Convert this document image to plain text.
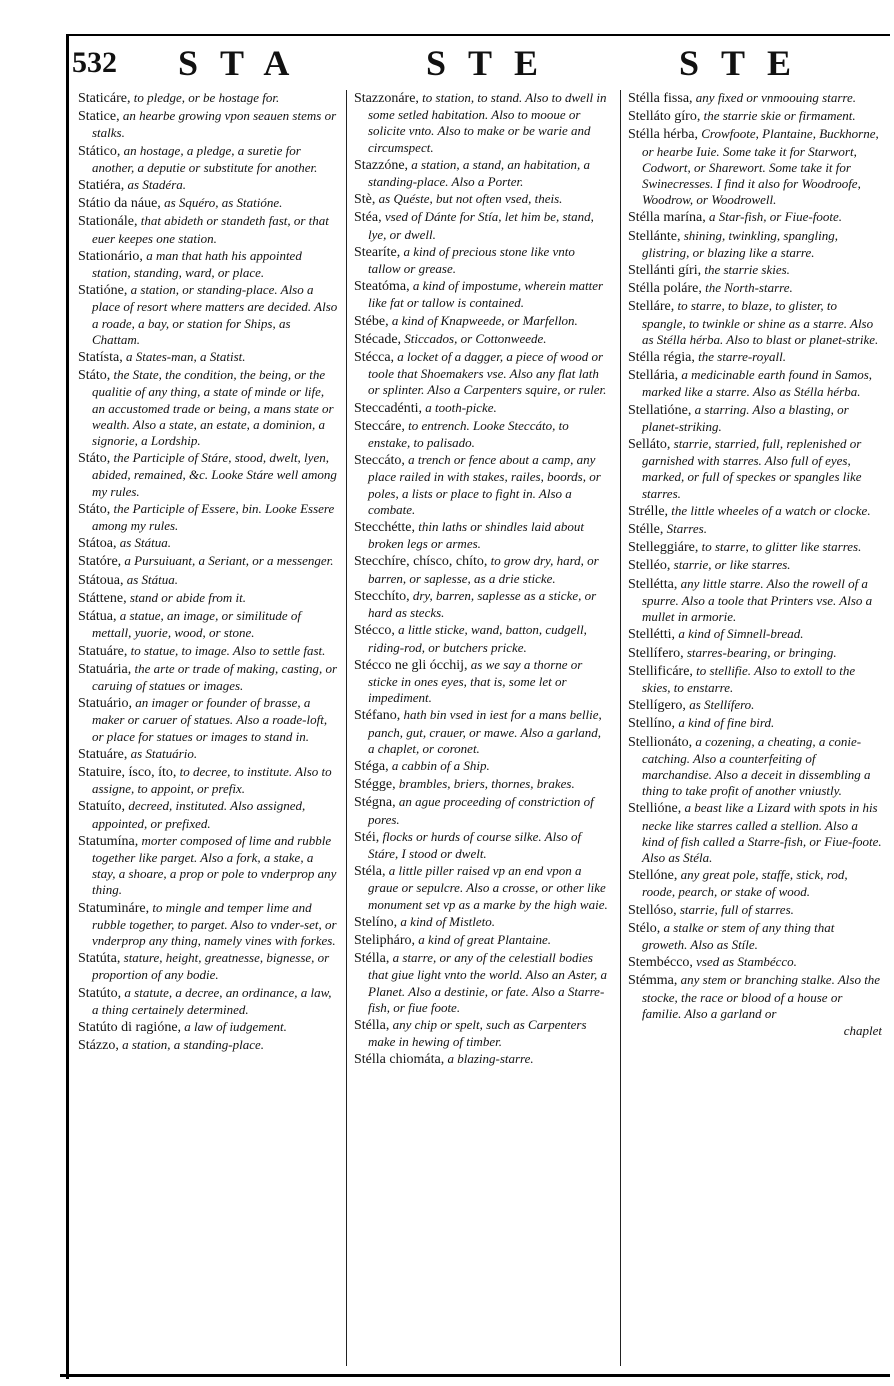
532 STA	STE	STE

Staticáre, to pledge, or be hostage for.

Statice, an hearbe growing vpon seauen stems or stalks.

Stático, an hostage, a pledge, a suretie for another, a deputie or substitute for another.

Statiéra, as Stadéra.

Státio da náue, as Squéro, as Statióne.

Stationále, that abideth or standeth fast, or that euer keepes one station.

Stationário, a man that hath his appointed station, standing, ward, or place.

Statióne, a station, or standing-place. Also a place of resort where matters are decided. Also a roade, a bay, or station for Ships, as Chattam.

Statísta, a States-man, a Statist.

Státo, the State, the condition, the being, or the qualitie of any thing, a state of minde or life, an accustomed trade or being, a mans state or wealth. Also a state, an estate, a dominion, a signorie, a Lordship.

Státo, the Participle of Stáre, stood, dwelt, lyen, abided, remained, &c. Looke Stáre well among my rules.

Státo, the Participle of Essere, bin. Looke Essere among my rules.

Státoa, as Státua.

Statóre, a Pursuiuant, a Seriant, or a messenger.

Státoua, as Státua.

Státtene, stand or abide from it.

Státua, a statue, an image, or similitude of mettall, yuorie, wood, or stone.

Statuáre, to statue, to image. Also to settle fast.

Statuária, the arte or trade of making, casting, or caruing of statues or images.

Statuário, an imager or founder of brasse, a maker or caruer of statues. Also a roade-loft, or place for statues or images to stand in.

Statuáre, as Statuário.

Statuire, ísco, íto, to decree, to institute. Also to assigne, to appoint, or prefix.

Statuíto, decreed, instituted. Also assigned, appointed, or prefixed.

Statumína, morter composed of lime and rubble together like parget. Also a fork, a stake, a stay, a shoare, a prop or pole to vnderprop any thing.

Statumináre, to mingle and temper lime and rubble together, to parget. Also to vnder-set, or vnderprop any thing, namely vines with forkes.

Statúta, stature, height, greatnesse, bignesse, or proportion of any bodie.

Statúto, a statute, a decree, an ordinance, a law, a thing certainely determined.

Statúto di ragióne, a law of iudgement.

Stázzo, a station, a standing-place.

Stazzonáre, to station, to stand. Also to dwell in some setled habitation. Also to mooue or solicite vnto. Also to make or be warie and circumspect.

Stazzóne, a station, a stand, an habitation, a standing-place. Also a Porter.

Stè, as Quéste, but not often vsed, theis.

Stéa, vsed of Dánte for Stía, let him be, stand, lye, or dwell.

Stearíte, a kind of precious stone like vnto tallow or grease.

Steatóma, a kind of impostume, wherein matter like fat or tallow is contained.

Stébe, a kind of Knapweede, or Marfellon.

Stécade, Sticcados, or Cottonweede.

Stécca, a locket of a dagger, a piece of wood or toole that Shoemakers vse. Also any flat lath or splinter. Also a Carpenters squire, or ruler.

Steccadénti, a tooth-picke.

Steccáre, to entrench. Looke Steccáto, to enstake, to palisado.

Steccáto, a trench or fence about a camp, any place railed in with stakes, railes, boords, or poles, a lists or place to fight in. Also a combate.

Stecchétte, thin laths or shindles laid about broken legs or armes.

Stecchíre, chísco, chíto, to grow dry, hard, or barren, or saplesse, as a drie sticke.

Stecchíto, dry, barren, saplesse as a sticke, or hard as stecks.

Stécco, a little sticke, wand, batton, cudgell, riding-rod, or butchers pricke.

Stécco ne gli ócchij, as we say a thorne or sticke in ones eyes, that is, some let or impediment.

Stéfano, hath bin vsed in iest for a mans bellie, panch, gut, crauer, or mawe. Also a garland, a chaplet, or coronet.

Stéga, a cabbin of a Ship.

Stégge, brambles, briers, thornes, brakes.

Stégna, an ague proceeding of constriction of pores.

Stéi, flocks or hurds of course silke. Also of Stáre, I stood or dwelt.

Stéla, a little piller raised vp an end vpon a graue or sepulcre. Also a crosse, or other like monument set vp as a marke by the high waie.

Stelíno, a kind of Mistleto.

Stelipháro, a kind of great Plantaine.

Stélla, a starre, or any of the celestiall bodies that giue light vnto the world. Also an Aster, a Planet. Also a destinie, or fate. Also a Starre-fish, or fiue foote.

Stélla, any chip or spelt, such as Carpenters make in hewing of timber.

Stélla chiomáta, a blazing-starre.

Stélla fissa, any fixed or vnmoouing starre.

Stelláto gíro, the starrie skie or firmament.

Stélla hérba, Crowfoote, Plantaine, Buckhorne, or hearbe Iuie. Some take it for Starwort, Codwort, or Sharewort. Some take it for Swinecresses. I find it also for Woodroofe, Woodrow, or Woodrowell.

Stélla marína, a Star-fish, or Fiue-foote.

Stellánte, shining, twinkling, spangling, glistring, or blazing like a starre.

Stellánti gíri, the starrie skies.

Stélla poláre, the North-starre.

Stelláre, to starre, to blaze, to glister, to spangle, to twinkle or shine as a starre. Also as Stélla hérba. Also to blast or planet-strike.

Stélla régia, the starre-royall.

Stellária, a medicinable earth found in Samos, marked like a starre. Also as Stélla hérba.

Stellatióne, a starring. Also a blasting, or planet-striking.

Selláto, starrie, starried, full, replenished or garnished with starres. Also full of eyes, marked, or full of speckes or spangles like starres.

Strélle, the little wheeles of a watch or clocke.

Stélle, Starres.

Stelleggiáre, to starre, to glitter like starres.

Stelléo, starrie, or like starres.

Stellétta, any little starre. Also the rowell of a spurre. Also a toole that Printers vse. Also a mullet in armorie.

Stellétti, a kind of Simnell-bread.

Stellífero, starres-bearing, or bringing.

Stellificáre, to stellifie. Also to extoll to the skies, to enstarre.

Stellígero, as Stellífero.

Stellíno, a kind of fine bird.

Stellionáto, a cozening, a cheating, a conie-catching. Also a counterfeiting of marchandise. Also a deceit in dissembling a thing to take profit of another vniustly.

Stellióne, a beast like a Lizard with spots in his necke like starres called a stellion. Also a kind of fish called a Starre-fish, or Fiue-foote. Also as Stéla.

Stellóne, any great pole, staffe, stick, rod, roode, pearch, or stake of wood.

Stellóso, starrie, full of starres.

Stélo, a stalke or stem of any thing that groweth. Also as Stíle.

Stembécco, vsed as Stambécco.

Stémma, any stem or branching stalke. Also the stocke, the race or blood of a house or familie. Also a garland or

chaplet
